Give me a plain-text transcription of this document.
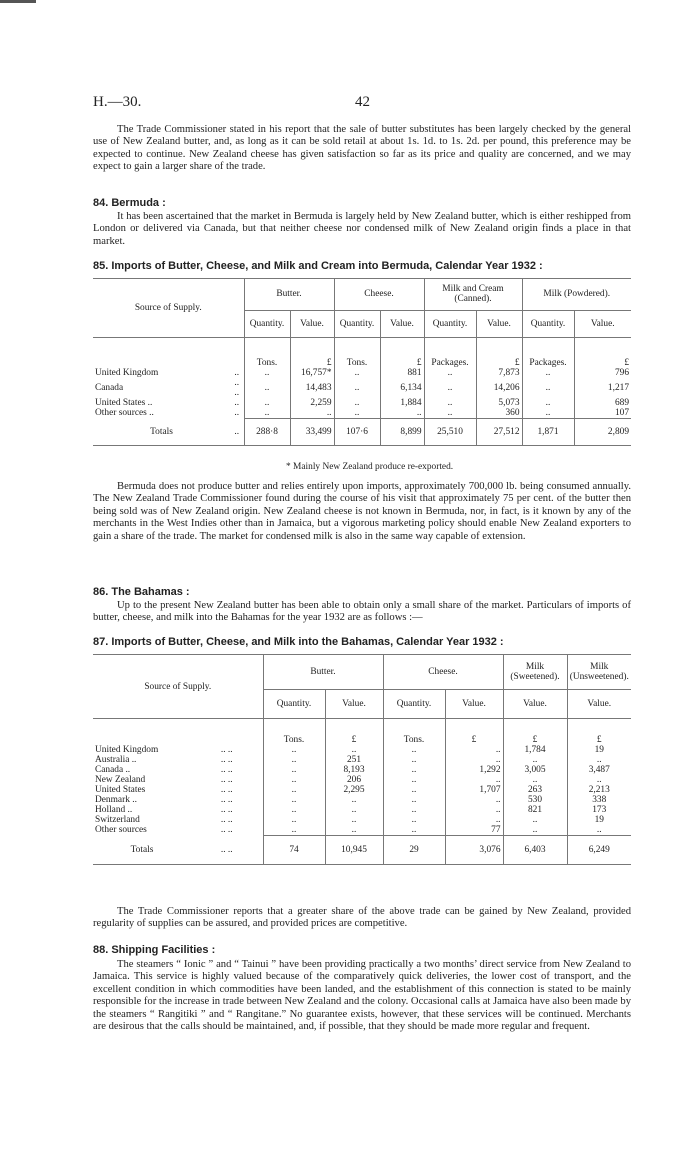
H.—30.	42

The Trade Commissioner stated in his report that the sale of butter substitutes has been largely checked by the general use of New Zealand butter, and, as long as it can be sold retail at about 1s. 1d. to 1s. 2d. per pound, this preference may be expected to continue. New Zealand cheese has given satisfaction so far as its price and quality are concerned, and we may expect to gain a larger share of the trade.

84. Bermuda :

It has been ascertained that the market in Bermuda is largely held by New Zealand butter, which is either reshipped from London or delivered via Canada, but that neither cheese nor condensed milk of New Zealand origin finds a place in that market.

85. Imports of Butter, Cheese, and Milk and Cream into Bermuda, Calendar Year 1932 :
Source of Supply.		Butter.		Cheese.		Milk and Cream (Canned).		Milk (Powdered).	
		Quantity.	Value.	Quantity.	Value.	Quantity.	Value.	Quantity.	Value.
		Tons.	£	Tons.	£	Packages.	£	Packages.	£
United Kingdom	..	..	16,757*	..	881	..	7,873	..	796
Canada	.. ..	..	14,483	..	6,134	..	14,206	..	1,217
United States ..	..	..	2,259	..	1,884	..	5,073	..	689
Other sources ..	..	..	..	..	..	..	360	..	107
Totals	..	288·8	33,499	107·6	8,899	25,510	27,512	1,871	2,809
* Mainly New Zealand produce re-exported.

Bermuda does not produce butter and relies entirely upon imports, approximately 700,000 lb. being consumed annually. The New Zealand Trade Commissioner found during the course of his visit that approximately 75 per cent. of the butter then being sold was of New Zealand origin. New Zealand cheese is not known in Bermuda, nor, in fact, is it known by any of the merchants in the West Indies other than in Jamaica, but a vigorous marketing policy should enable New Zealand exporters to gain a share of the trade. The market for condensed milk is also in the same way capable of extension.

86. The Bahamas :

Up to the present New Zealand butter has been able to obtain only a small share of the market. Particulars of imports of butter, cheese, and milk into the Bahamas for the year 1932 are as follows :—

87. Imports of Butter, Cheese, and Milk into the Bahamas, Calendar Year 1932 :
Source of Supply.		Butter.		Cheese.		Milk (Sweetened).	Milk (Unsweetened).
		Quantity.	Value.	Quantity.	Value.	Value.	Value.
		Tons.	£	Tons.	£	£	£
United Kingdom	.. ..	..	..	..	..	1,784	19
Australia ..	.. ..	..	251	..	..	..	..
Canada ..	.. ..	..	8,193	..	1,292	3,005	3,487
New Zealand	.. ..	..	206	..	..	..	..
United States	.. ..	..	2,295	..	1,707	263	2,213
Denmark ..	.. ..	..	..	..	..	530	338
Holland ..	.. ..	..	..	..	..	821	173
Switzerland	.. ..	..	..	..	..	..	19
Other sources	.. ..	..	..	..	77	..	..
Totals	.. ..	74	10,945	29	3,076	6,403	6,249

The Trade Commissioner reports that a greater share of the above trade can be gained by New Zealand, provided regularity of supplies can be assured, and provided prices are competitive.

88. Shipping Facilities :

The steamers “ Ionic ” and “ Tainui ” have been providing practically a two months’ direct service from New Zealand to Jamaica. This service is highly valued because of the comparatively quick deliveries, the lower cost of transport, and the excellent condition in which commodities have been landed, and the establishment of this connection is stated to be mainly responsible for the increase in trade between New Zealand and the colony. Occasional calls at Jamaica have also been made by the steamers “ Rangitiki ” and “ Rangitane.” No guarantee exists, however, that these services will be continued. Merchants are desirous that the calls should be maintained, and, if possible, that they should be made more regular and frequent.
